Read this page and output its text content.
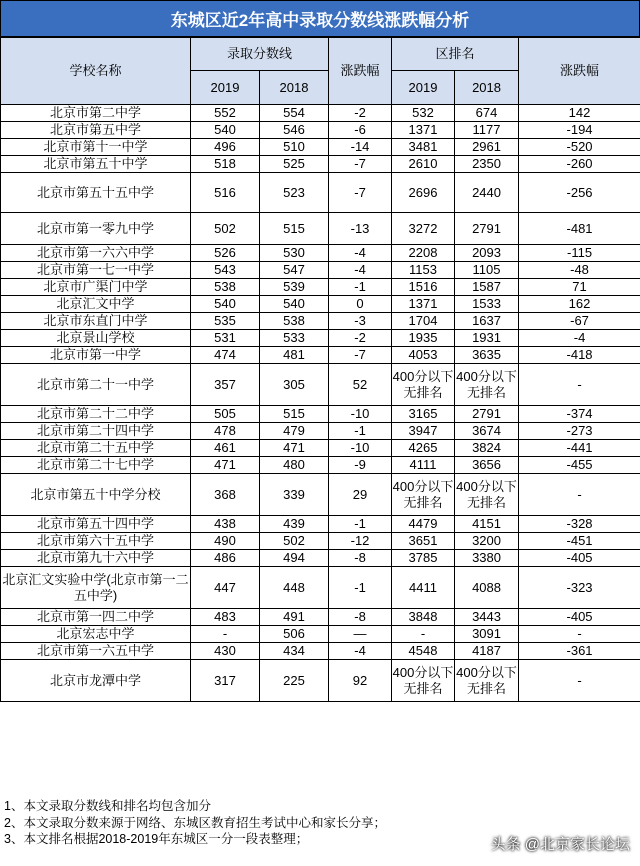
东城区近2年高中录取分数线涨跌幅分析
学校名称	录取分数线		涨跌幅	区排名		涨跌幅
	2019	2018		2019	2018	
北京市第二中学	552	554	-2	532	674	142
北京市第五中学	540	546	-6	1371	1177	-194
北京市第十一中学	496	510	-14	3481	2961	-520
北京市第五十中学	518	525	-7	2610	2350	-260
北京市第五十五中学	516	523	-7	2696	2440	-256
北京市第一零九中学	502	515	-13	3272	2791	-481
北京市第一六六中学	526	530	-4	2208	2093	-115
北京市第一七一中学	543	547	-4	1153	1105	-48
北京市广渠门中学	538	539	-1	1516	1587	71
北京汇文中学	540	540	0	1371	1533	162
北京市东直门中学	535	538	-3	1704	1637	-67
北京景山学校	531	533	-2	1935	1931	-4
北京市第一中学	474	481	-7	4053	3635	-418
北京市第二十一中学	357	305	52	400分以下无排名	400分以下无排名	-
北京市第二十二中学	505	515	-10	3165	2791	-374
北京市第二十四中学	478	479	-1	3947	3674	-273
北京市第二十五中学	461	471	-10	4265	3824	-441
北京市第二十七中学	471	480	-9	4111	3656	-455
北京市第五十中学分校	368	339	29	400分以下无排名	400分以下无排名	-
北京市第五十四中学	438	439	-1	4479	4151	-328
北京市第六十五中学	490	502	-12	3651	3200	-451
北京市第九十六中学	486	494	-8	3785	3380	-405
北京汇文实验中学(北京市第一二 五中学)	447	448	-1	4411	4088	-323
北京市第一四二中学	483	491	-8	3848	3443	-405
北京宏志中学	-	506	—	-	3091	-
北京市第一六五中学	430	434	-4	4548	4187	-361
北京市龙潭中学	317	225	92	400分以下无排名	400分以下无排名	-
1、本文录取分数线和排名均包含加分
2、本文录取分数来源于网络、东城区教育招生考试中心和家长分享；
3、本文排名根据2018-2019年东城区一分一段表整理；	头条 @北京家长论坛
